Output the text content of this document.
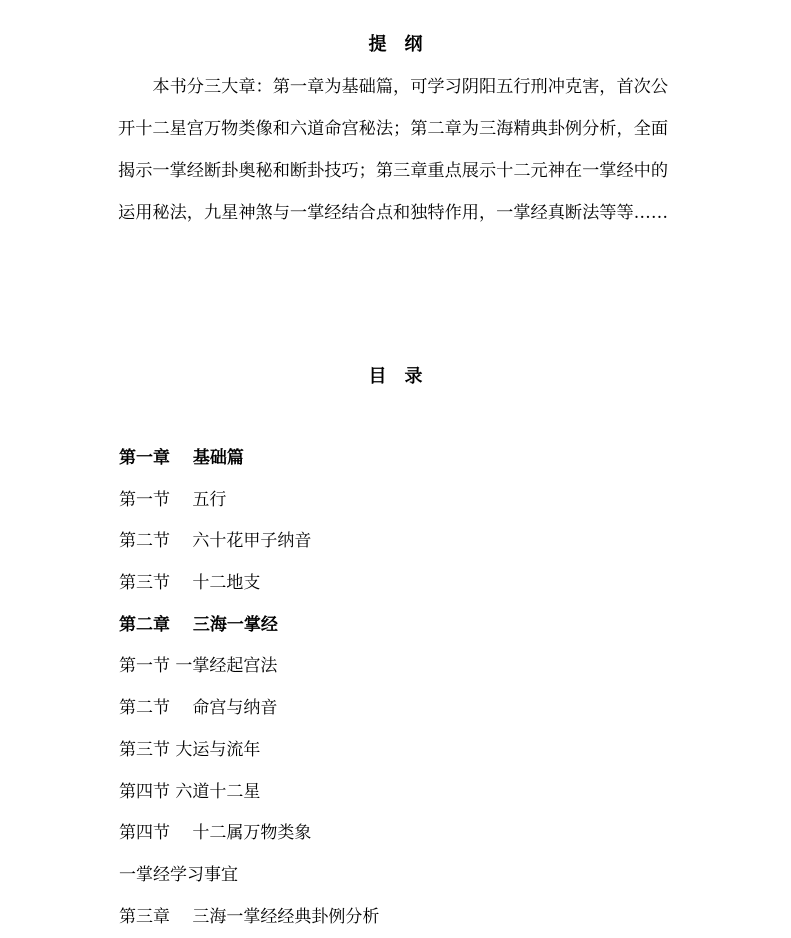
提　纲

本书分三大章：第一章为基础篇，可学习阴阳五行刑冲克害，首次公开十二星宫万物类像和六道命宫秘法；第二章为三海精典卦例分析，全面揭示一掌经断卦奥秘和断卦技巧；第三章重点展示十二元神在一掌经中的运用秘法，九星神煞与一掌经结合点和独特作用，一掌经真断法等等……

目　录
第一章　 基础篇
第一节　 五行
第二节　 六十花甲子纳音
第三节　 十二地支
第二章　 三海一掌经
第一节 一掌经起宫法
第二节　 命宫与纳音
第三节 大运与流年
第四节 六道十二星
第四节　 十二属万物类象
一掌经学习事宜
第三章　 三海一掌经经典卦例分析
